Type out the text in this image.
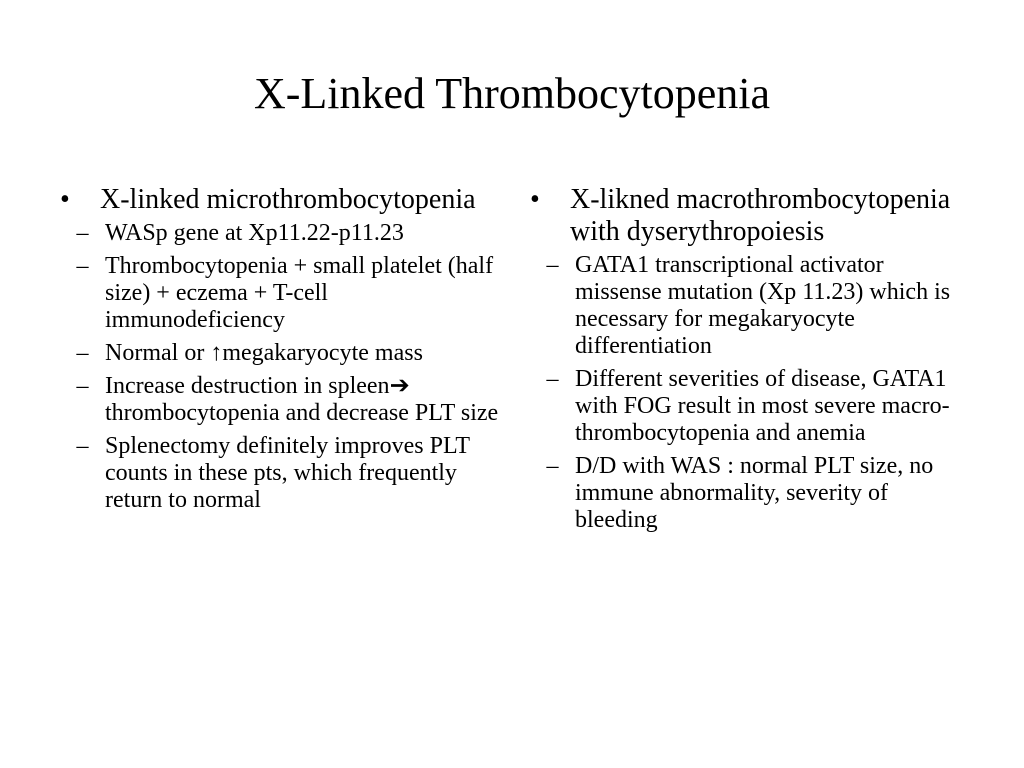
X-Linked Thrombocytopenia
•	X-linked microthrombocytopenia
– WASp gene at Xp11.22-p11.23
– Thrombocytopenia + small platelet (half size) + eczema + T-cell immunodeficiency
– Normal or ↑megakaryocyte mass
– Increase destruction in spleen➔ thrombocytopenia and decrease PLT size
– Splenectomy definitely improves PLT counts in these pts, which frequently return to normal
•	X-likned macrothrombocytopenia with dyserythropoiesis
– GATA1 transcriptional activator missense mutation (Xp 11.23) which is necessary for megakaryocyte differentiation
– Different severities of disease, GATA1 with FOG result in most severe macro-thrombocytopenia and anemia
– D/D with WAS : normal PLT size, no immune abnormality, severity of bleeding
